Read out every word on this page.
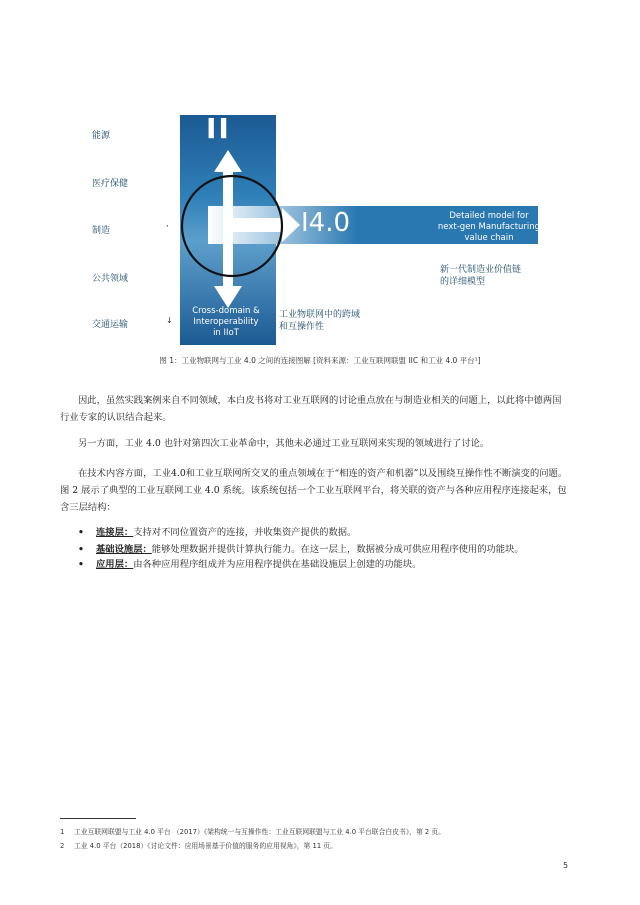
能源
医疗保健
制造
公共领域
交通运输
’
↓
II
I4.0	Detailed model for
next-gen Manufacturing
value chain
Cross-domain &
Interoperability
in IIoT
新一代制造业价值链
的详细模型
工业物联网中的跨域
和互操作性
图 1：工业物联网与工业 4.0 之间的连接图解 [资料来源：工业互联网联盟 IIC 和工业 4.0 平台¹]
因此，虽然实践案例来自不同领域，本白皮书将对工业互联网的讨论重点放在与制造业相关的问题上，以此将中德两国行业专家的认识结合起来。
另一方面，工业 4.0 也针对第四次工业革命中，其他未必通过工业互联网来实现的领域进行了讨论。
在技术内容方面，工业4.0和工业互联网所交叉的重点领域在于“相连的资产和机器”以及围绕互操作性不断演变的问题。图 2 展示了典型的工业互联网工业 4.0 系统。该系统包括一个工业互联网平台，将关联的资产与各种应用程序连接起来，包含三层结构：
• 连接层：支持对不同位置资产的连接，并收集资产提供的数据。
• 基础设施层：能够处理数据并提供计算执行能力。在这一层上，数据被分成可供应用程序使用的功能块。
• 应用层：由各种应用程序组成并为应用程序提供在基础设施层上创建的功能块。
1 工业互联网联盟与工业 4.0 平台 （2017）《架构统一与互操作性：工业互联网联盟与工业 4.0 平台联合白皮书》，第 2 页。
2 工业 4.0 平台（2018）《讨论文件：应用场景基于价值的服务的应用视角》，第 11 页。
5
